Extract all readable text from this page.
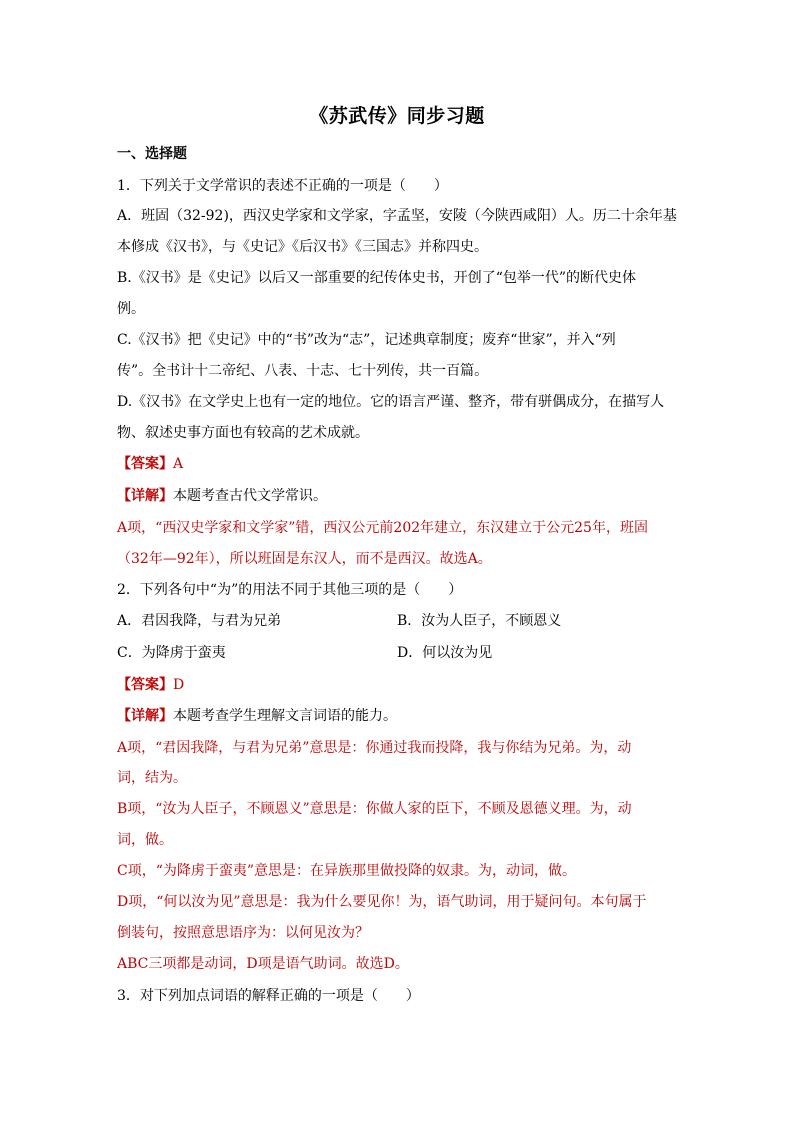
《苏武传》同步习题
一、选择题
1．下列关于文学常识的表述不正确的一项是（　　）
A．班固（32-92)，西汉史学家和文学家，字孟坚，安陵（今陕西咸阳）人。历二十余年基
本修成《汉书》，与《史记》《后汉书》《三国志》并称四史。
B.《汉书》是《史记》以后又一部重要的纪传体史书，开创了“包举一代”的断代史体
例。
C.《汉书》把《史记》中的“书”改为“志”，记述典章制度；废弃“世家”，并入“列
传”。全书计十二帝纪、八表、十志、七十列传，共一百篇。
D.《汉书》在文学史上也有一定的地位。它的语言严谨、整齐，带有骈偶成分，在描写人
物、叙述史事方面也有较高的艺术成就。
【答案】A
【详解】本题考查古代文学常识。
A项，“西汉史学家和文学家”错，西汉公元前202年建立，东汉建立于公元25年，班固
（32年—92年），所以班固是东汉人，而不是西汉。故选A。
2．下列各句中“为”的用法不同于其他三项的是（　　）
A．君因我降，与君为兄弟	B．汝为人臣子，不顾恩义
C．为降虏于蛮夷	D．何以汝为见
【答案】D
【详解】本题考查学生理解文言词语的能力。
A项，“君因我降，与君为兄弟”意思是：你通过我而投降，我与你结为兄弟。为，动
词，结为。
B项，“汝为人臣子，不顾恩义”意思是：你做人家的臣下，不顾及恩德义理。为，动
词，做。
C项，“为降虏于蛮夷”意思是：在异族那里做投降的奴隶。为，动词，做。
D项，“何以汝为见”意思是：我为什么要见你！为，语气助词，用于疑问句。本句属于
倒装句，按照意思语序为：以何见汝为？
ABC三项都是动词，D项是语气助词。故选D。
3．对下列加点词语的解释正确的一项是（　　）
